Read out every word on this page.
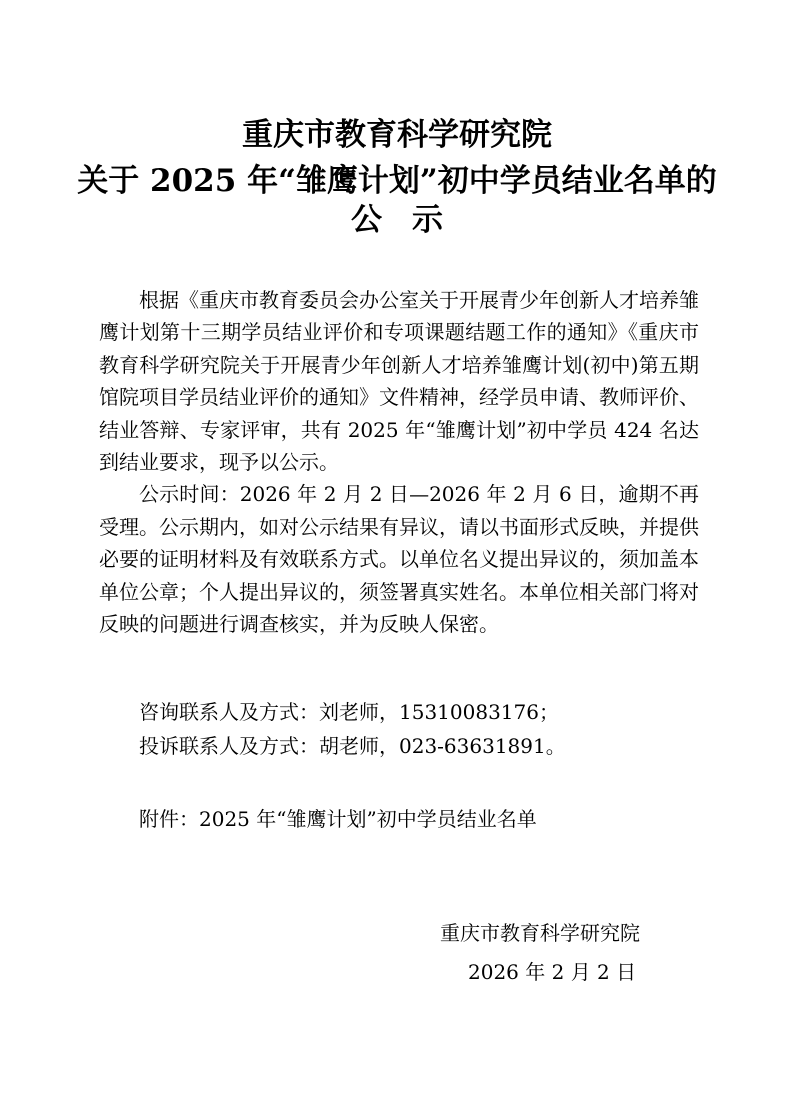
重庆市教育科学研究院
关于 2025 年“雏鹰计划”初中学员结业名单的
公示

根据《重庆市教育委员会办公室关于开展青少年创新人才培养雏鹰计划第十三期学员结业评价和专项课题结题工作的通知》《重庆市教育科学研究院关于开展青少年创新人才培养雏鹰计划(初中)第五期馆院项目学员结业评价的通知》文件精神，经学员申请、教师评价、结业答辩、专家评审，共有 2025 年“雏鹰计划”初中学员 424 名达到结业要求，现予以公示。

公示时间：2026 年 2 月 2 日—2026 年 2 月 6 日，逾期不再受理。公示期内，如对公示结果有异议，请以书面形式反映，并提供必要的证明材料及有效联系方式。以单位名义提出异议的，须加盖本单位公章；个人提出异议的，须签署真实姓名。本单位相关部门将对反映的问题进行调查核实，并为反映人保密。

咨询联系人及方式：刘老师，15310083176；
投诉联系人及方式：胡老师，023-63631891。
附件：2025 年“雏鹰计划”初中学员结业名单
重庆市教育科学研究院
2026 年 2 月 2 日
